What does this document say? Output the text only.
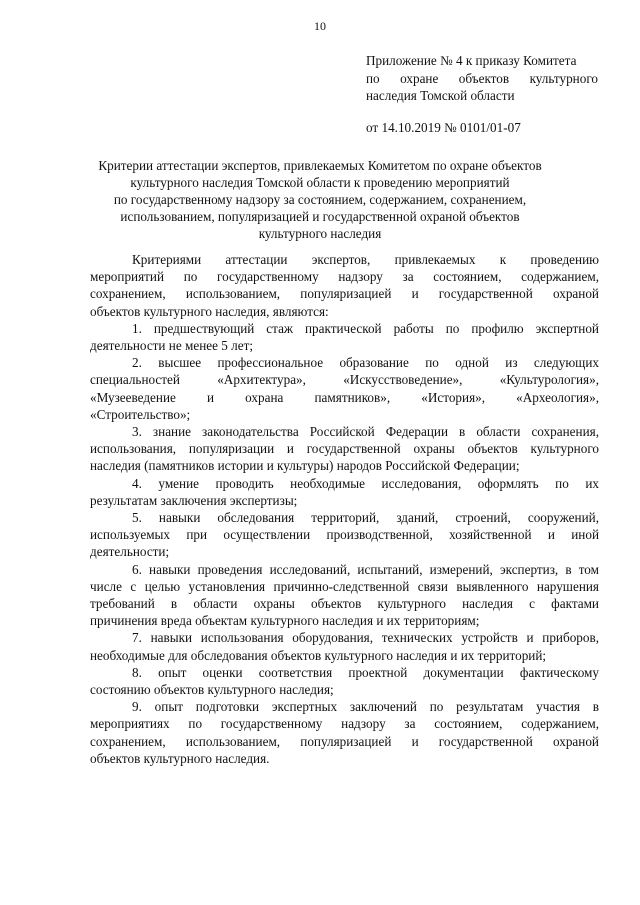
10
Приложение № 4 к приказу Комитета
по охране объектов культурного
наследия Томской области
от 14.10.2019 № 0101/01-07
Критерии аттестации экспертов, привлекаемых Комитетом по охране объектов
культурного наследия Томской области к проведению мероприятий
по государственному надзору за состоянием, содержанием, сохранением,
использованием, популяризацией и государственной охраной объектов
культурного наследия
Критериями аттестации экспертов, привлекаемых к проведению
мероприятий по государственному надзору за состоянием, содержанием,
сохранением, использованием, популяризацией и государственной охраной
объектов культурного наследия, являются:
1. предшествующий стаж практической работы по профилю экспертной
деятельности не менее 5 лет;
2. высшее профессиональное образование по одной из следующих
специальностей «Архитектура», «Искусствоведение», «Культурология»,
«Музееведение и охрана памятников», «История», «Археология»,
«Строительство»;
3. знание законодательства Российской Федерации в области сохранения,
использования, популяризации и государственной охраны объектов культурного
наследия (памятников истории и культуры) народов Российской Федерации;
4. умение проводить необходимые исследования, оформлять по их
результатам заключения экспертизы;
5. навыки обследования территорий, зданий, строений, сооружений,
используемых при осуществлении производственной, хозяйственной и иной
деятельности;
6. навыки проведения исследований, испытаний, измерений, экспертиз, в том
числе с целью установления причинно-следственной связи выявленного нарушения
требований в области охраны объектов культурного наследия с фактами
причинения вреда объектам культурного наследия и их территориям;
7. навыки использования оборудования, технических устройств и приборов,
необходимые для обследования объектов культурного наследия и их территорий;
8. опыт оценки соответствия проектной документации фактическому
состоянию объектов культурного наследия;
9. опыт подготовки экспертных заключений по результатам участия в
мероприятиях по государственному надзору за состоянием, содержанием,
сохранением, использованием, популяризацией и государственной охраной
объектов культурного наследия.
